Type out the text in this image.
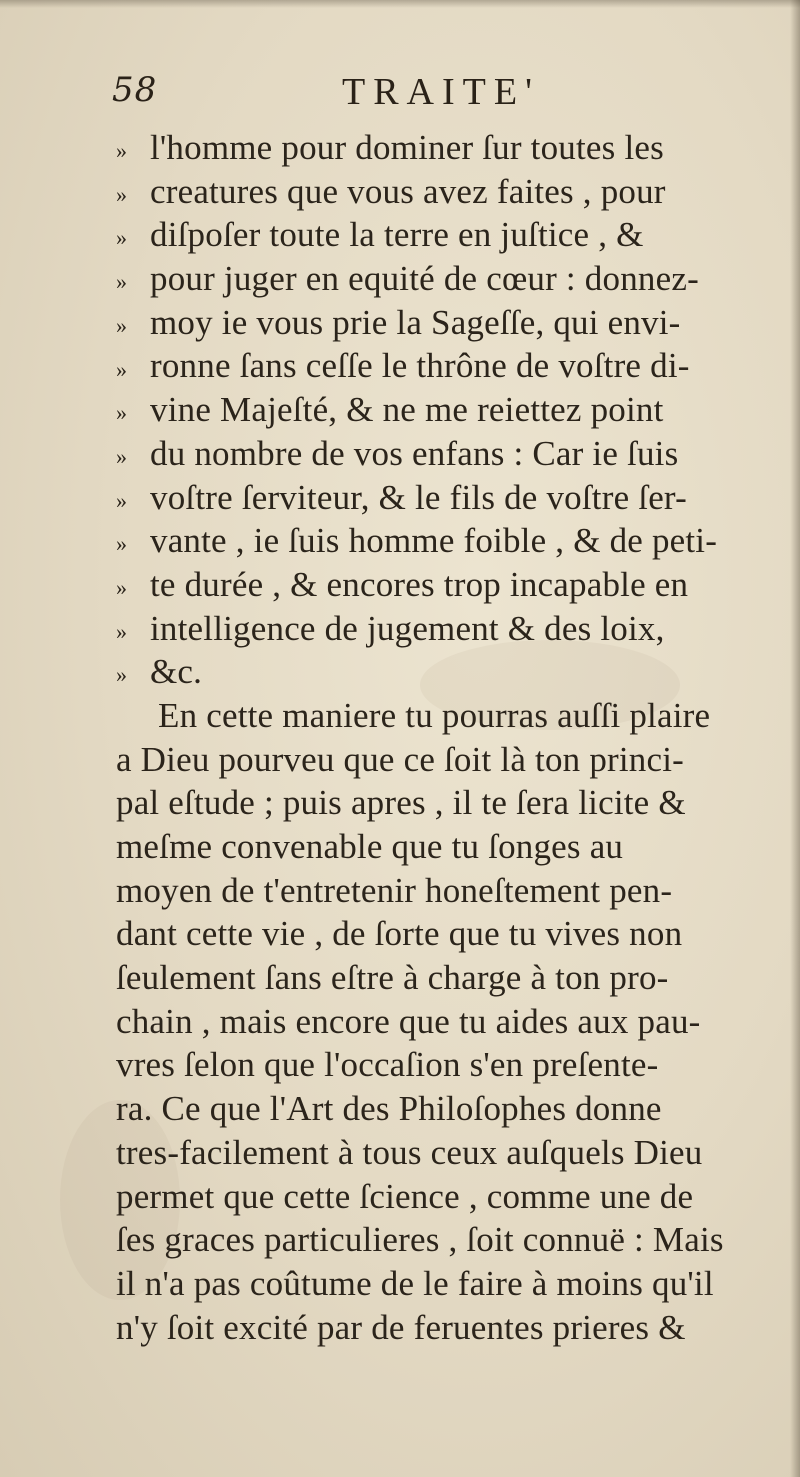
58	TRAITE'
» l'homme pour dominer ſur toutes les
» creatures que vous avez faites , pour
» diſpoſer toute la terre en juſtice , &
» pour juger en equité de cœur : donnez-
» moy ie vous prie la Sageſſe, qui envi-
» ronne ſans ceſſe le thrône de voſtre di-
» vine Majeſté, & ne me reiettez point
» du nombre de vos enfans : Car ie ſuis
» voſtre ſerviteur, & le fils de voſtre ſer-
» vante , ie ſuis homme foible , & de peti-
» te durée , & encores trop incapable en
» intelligence de jugement & des loix,
» &c.
En cette maniere tu pourras auſſi plaire
a Dieu pourveu que ce ſoit là ton princi-
pal eſtude ; puis apres , il te ſera licite &
meſme convenable que tu ſonges au
moyen de t'entretenir honeſtement pen-
dant cette vie , de ſorte que tu vives non
ſeulement ſans eſtre à charge à ton pro-
chain , mais encore que tu aides aux pau-
vres ſelon que l'occaſion s'en preſente-
ra. Ce que l'Art des Philoſophes donne
tres-facilement à tous ceux auſquels Dieu
permet que cette ſcience , comme une de
ſes graces particulieres , ſoit connuë : Mais
il n'a pas coûtume de le faire à moins qu'il
n'y ſoit excité par de feruentes prieres &
